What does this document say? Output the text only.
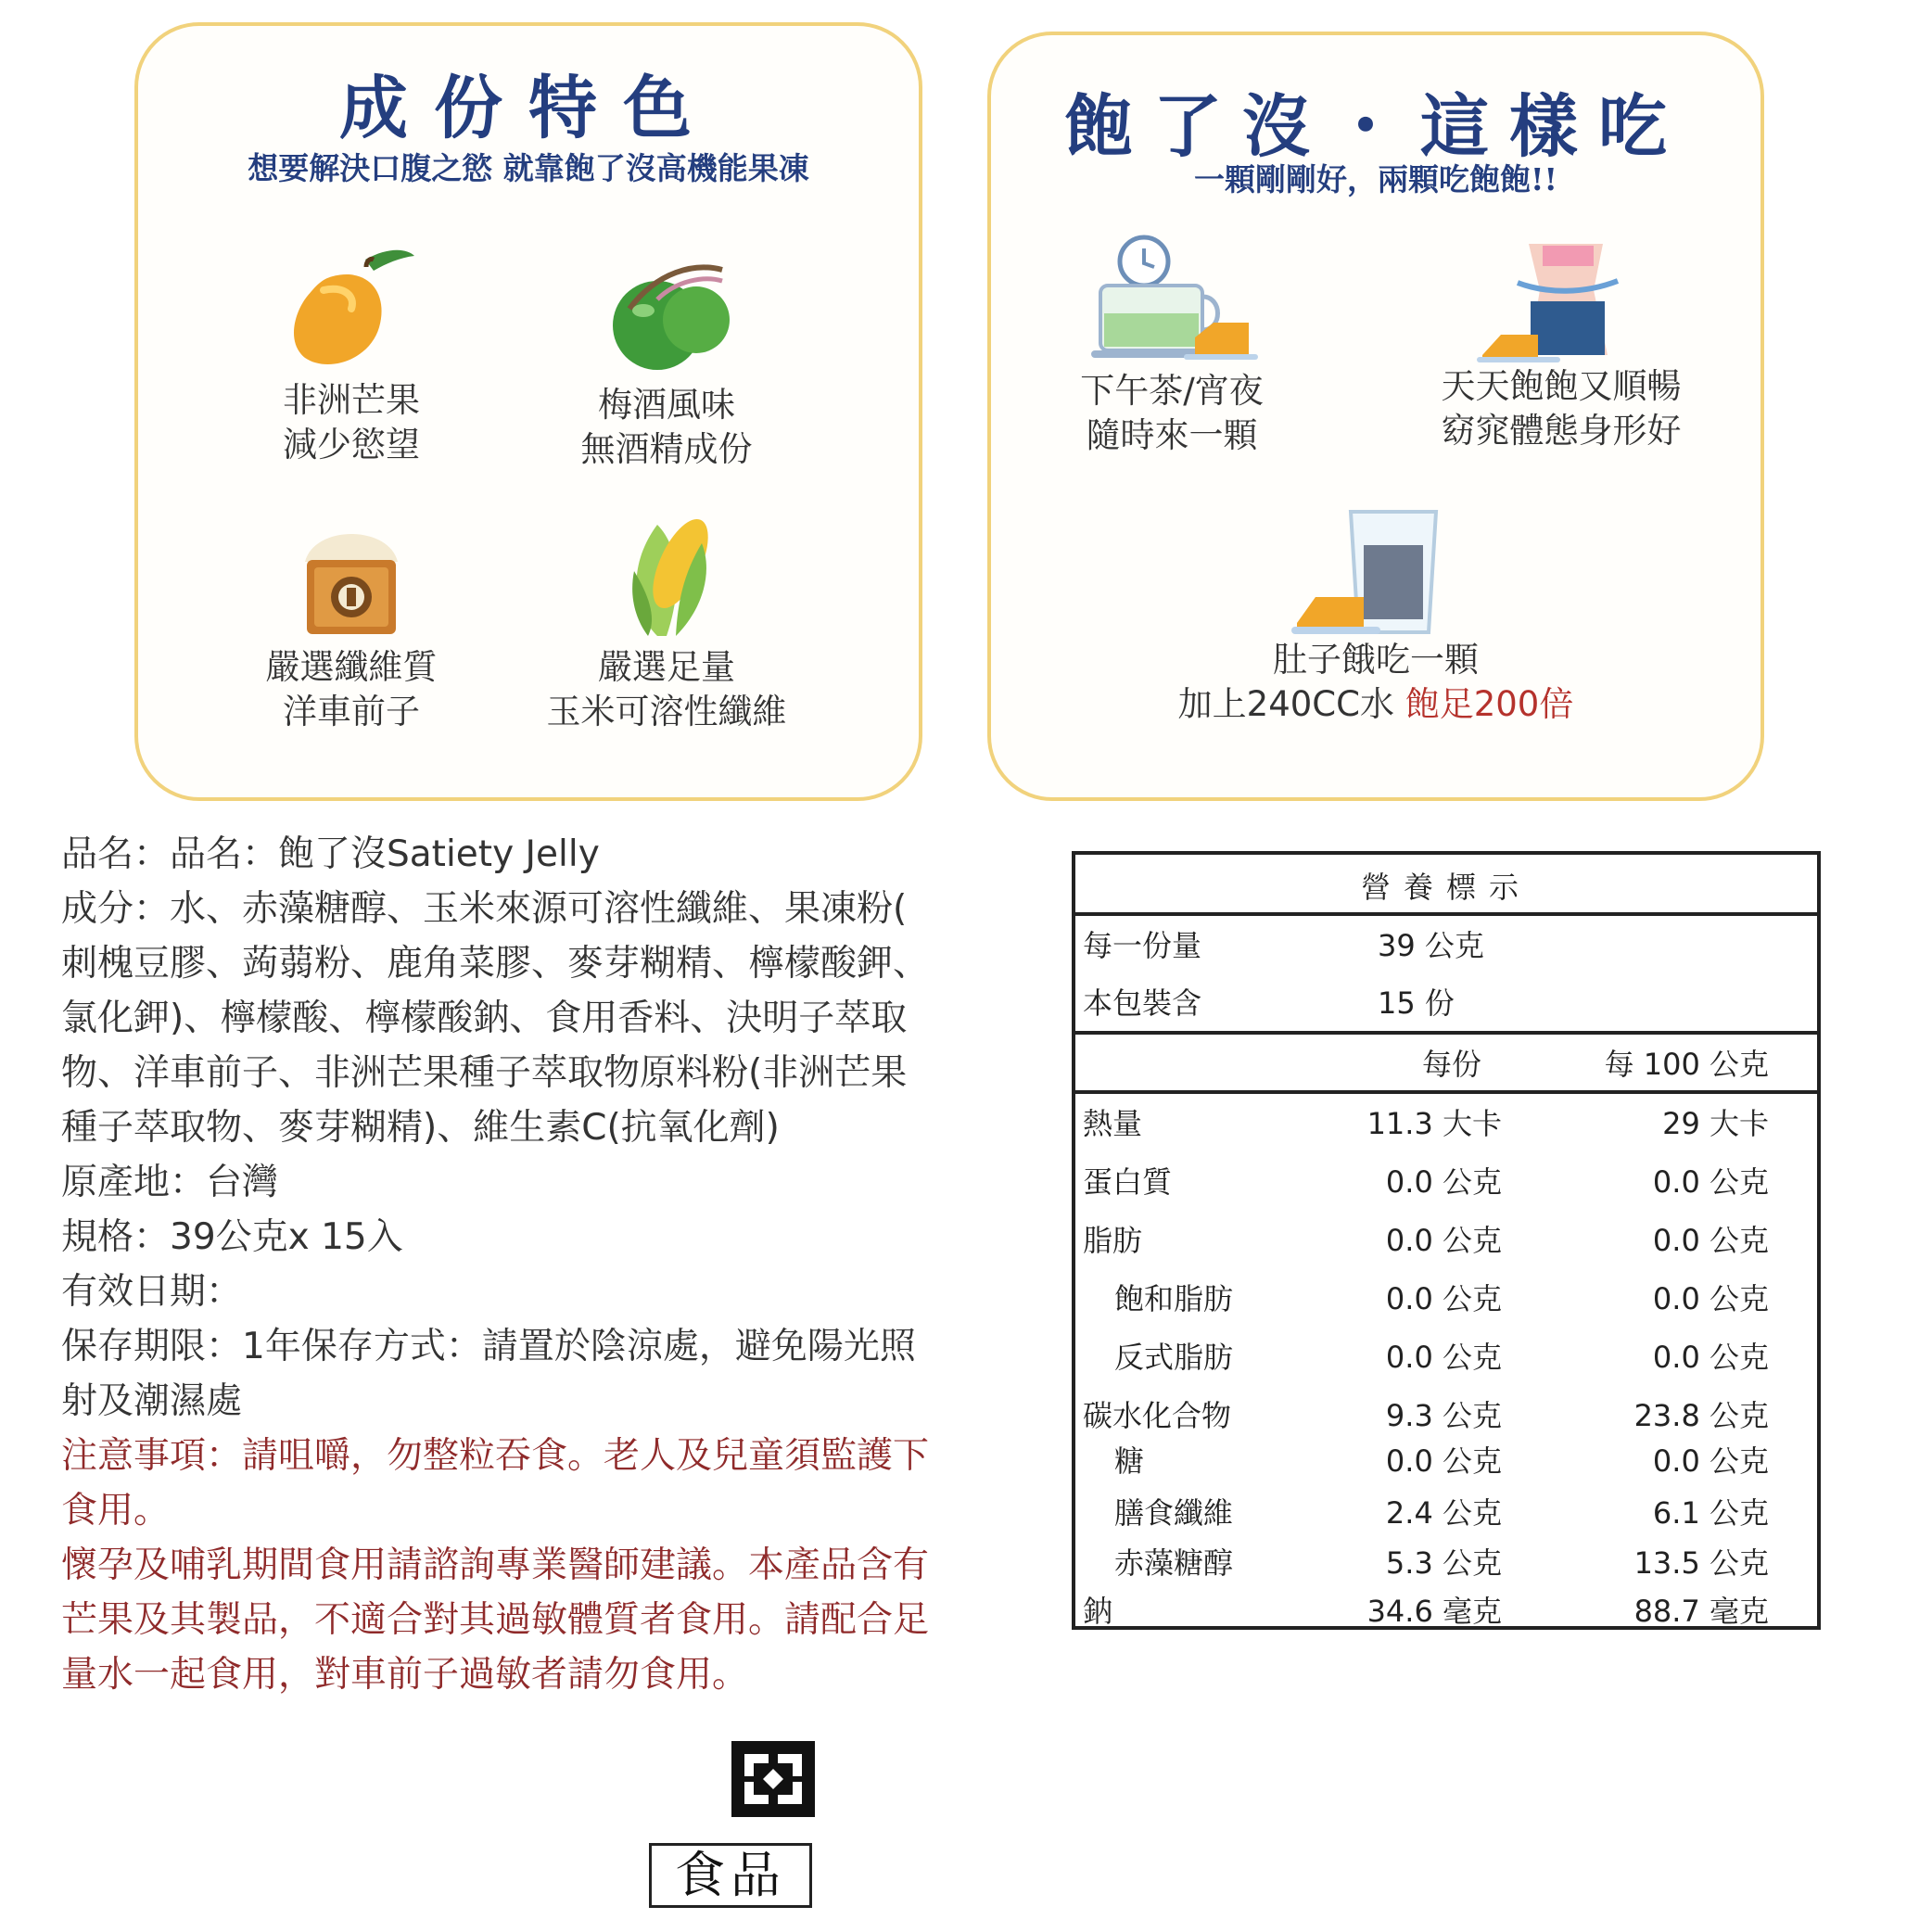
成份特色
想要解決口腹之慾 就靠飽了沒高機能果凍
非洲芒果
減少慾望
梅酒風味
無酒精成份
嚴選纖維質
洋車前子
嚴選足量
玉米可溶性纖維
飽了沒・這樣吃
一顆剛剛好，兩顆吃飽飽!!
下午茶/宵夜
隨時來一顆
天天飽飽又順暢
窈窕體態身形好
肚子餓吃一顆
加上240CC水 飽足200倍
品名：品名：飽了沒Satiety Jelly
成分：水、赤藻糖醇、玉米來源可溶性纖維、果凍粉(
刺槐豆膠、蒟蒻粉、鹿角菜膠、麥芽糊精、檸檬酸鉀、
氯化鉀)、檸檬酸、檸檬酸鈉、食用香料、決明子萃取
物、洋車前子、非洲芒果種子萃取物原料粉(非洲芒果
種子萃取物、麥芽糊精)、維生素C(抗氧化劑)
原產地：台灣
規格：39公克x 15入
有效日期：
保存期限：1年保存方式：請置於陰涼處，避免陽光照
射及潮濕處
注意事項：請咀嚼，勿整粒吞食。老人及兒童須監護下
食用。
懷孕及哺乳期間食用請諮詢專業醫師建議。本產品含有
芒果及其製品，不適合對其過敏體質者食用。請配合足
量水一起食用，對車前子過敏者請勿食用。
營養標示
每一份量	39 公克
本包裝含	15 份
每份	每 100 公克
熱量	11.3 大卡	29 大卡
蛋白質	0.0 公克	0.0 公克
脂肪	0.0 公克	0.0 公克
飽和脂肪	0.0 公克	0.0 公克
反式脂肪	0.0 公克	0.0 公克
碳水化合物	9.3 公克	23.8 公克
糖	0.0 公克	0.0 公克
膳食纖維	2.4 公克	6.1 公克
赤藻糖醇	5.3 公克	13.5 公克
鈉	34.6 毫克	88.7 毫克
食品
